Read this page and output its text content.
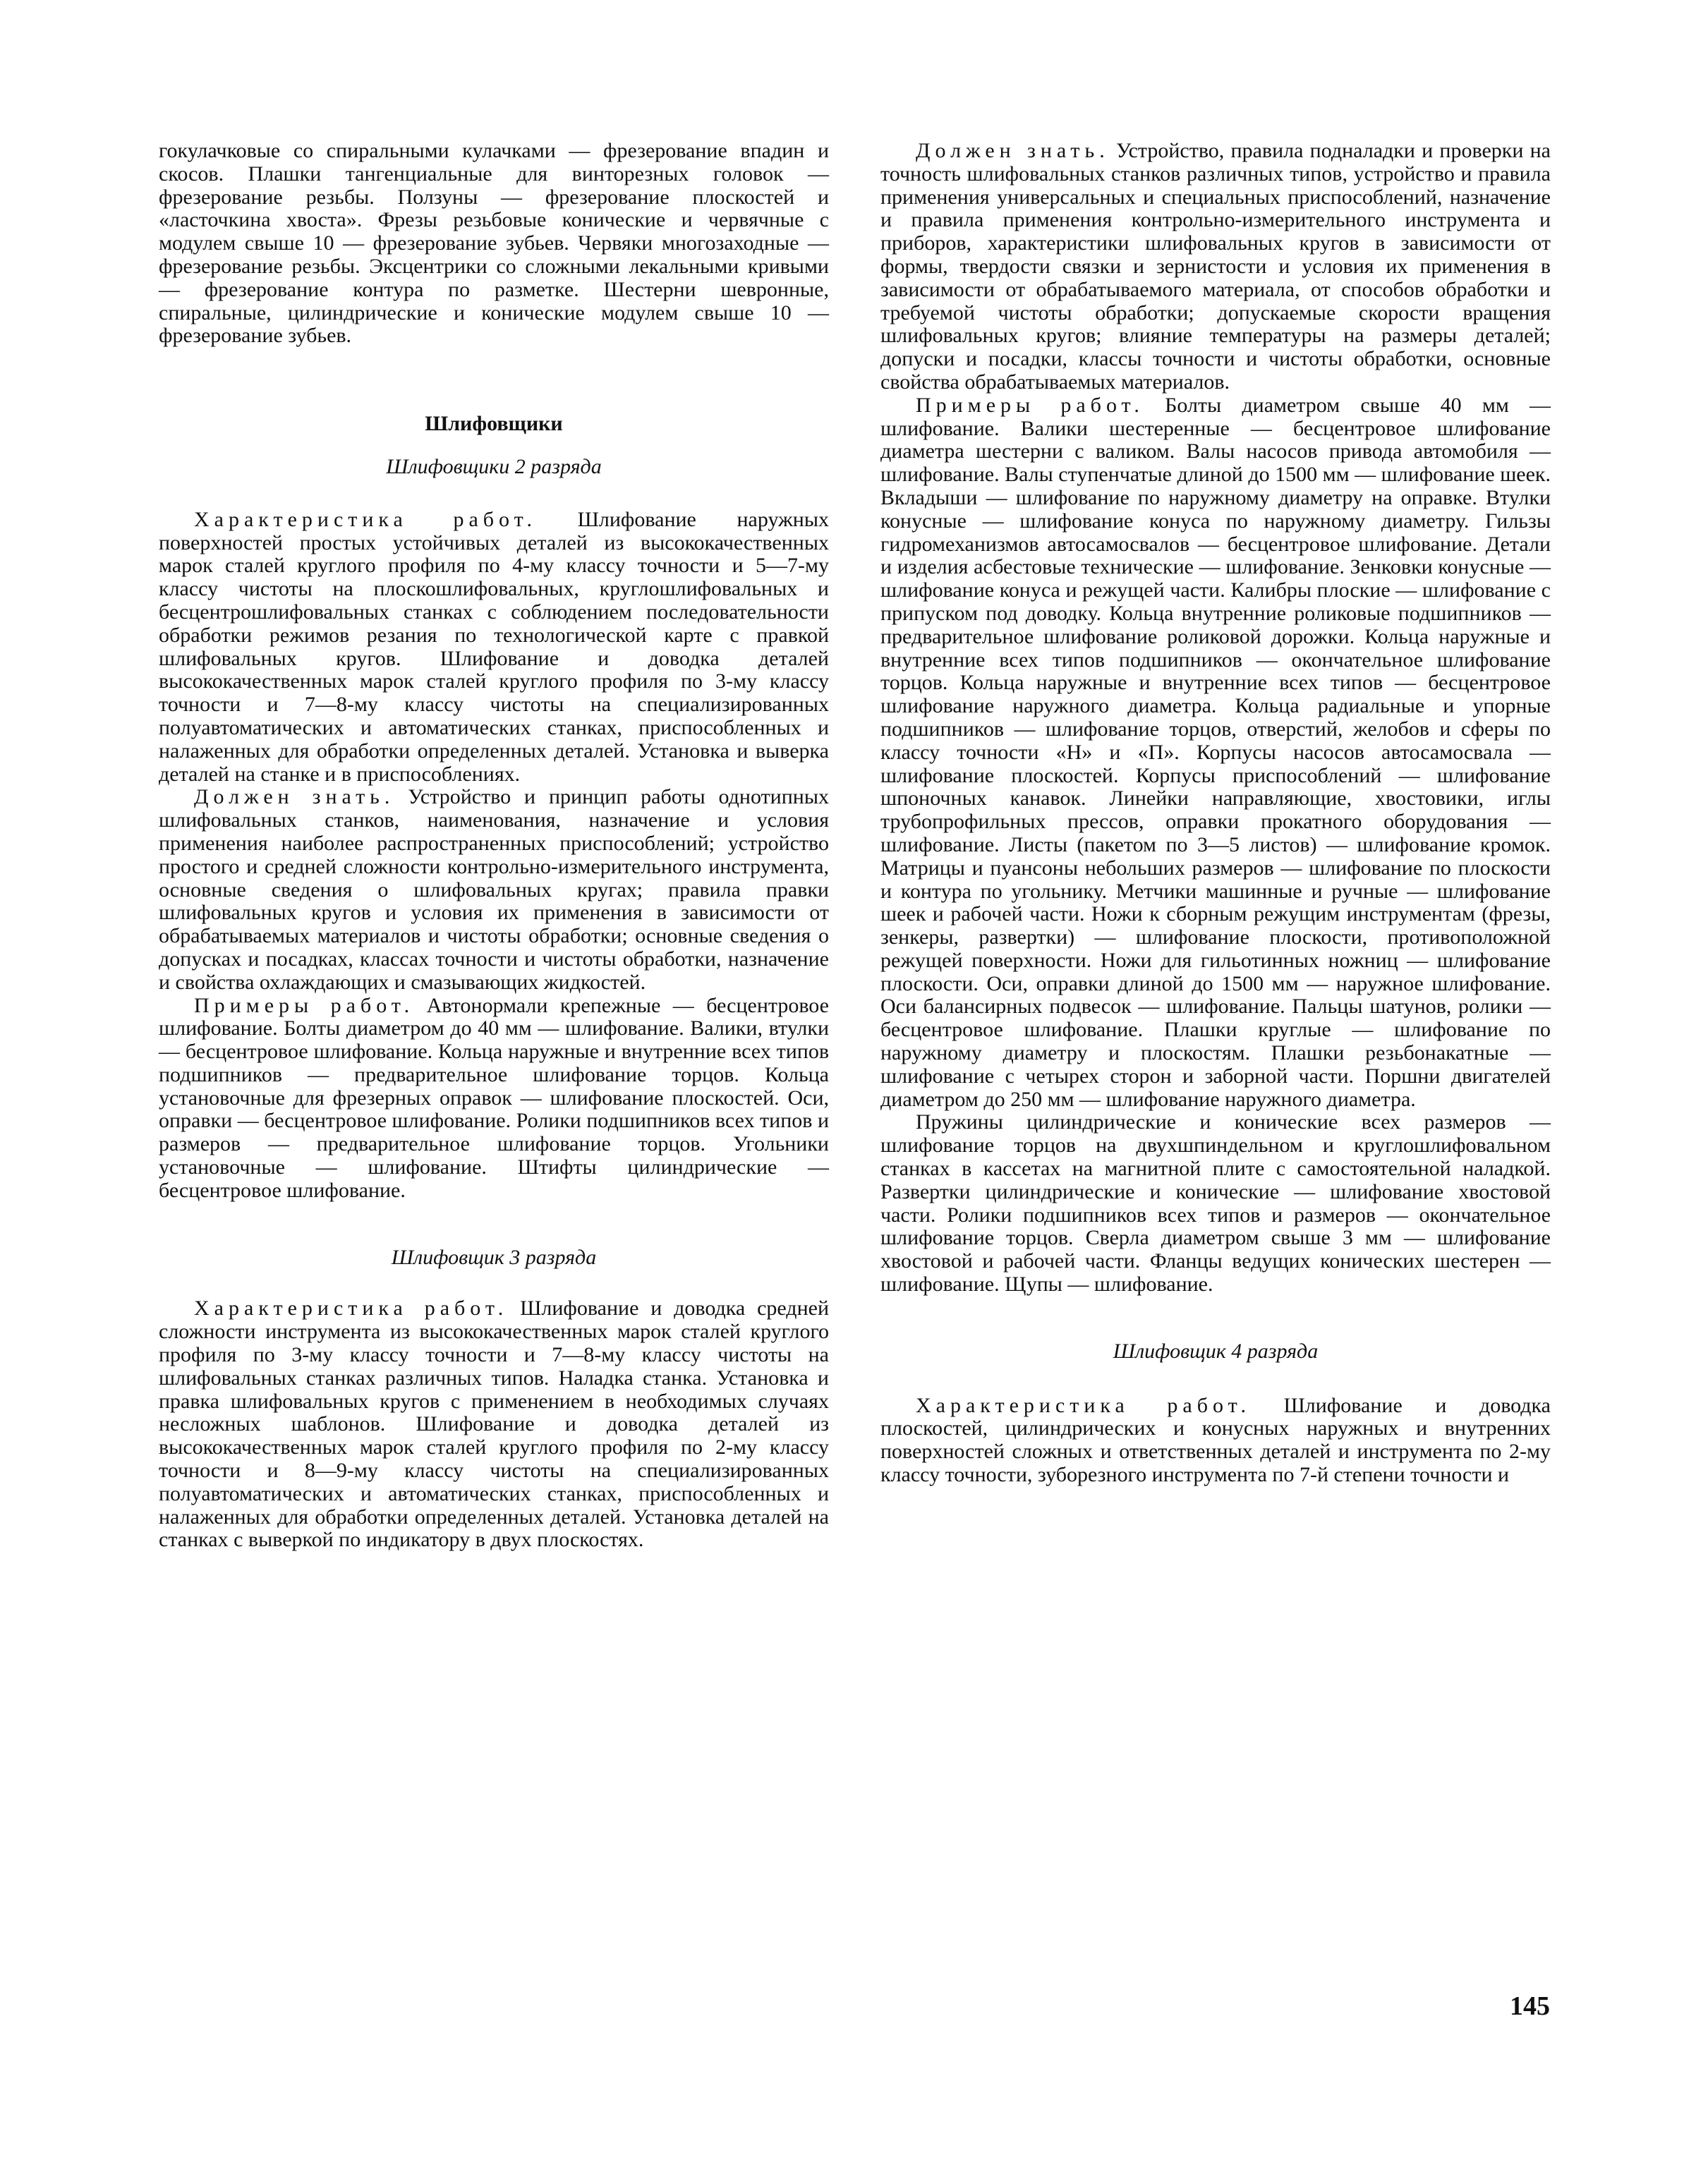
гокулачковые со спиральными кулачками — фрезерование впадин и скосов. Плашки тангенциальные для винторезных головок — фрезерование резьбы. Ползуны — фрезерование плоскостей и «ласточкина хвоста». Фрезы резьбовые конические и червячные с модулем свыше 10 — фрезерование зубьев. Червяки многозаходные — фрезерование резьбы. Эксцентрики со сложными лекальными кривыми — фрезерование контура по разметке. Шестерни шевронные, спиральные, цилиндрические и конические модулем свыше 10 — фрезерование зубьев.

Шлифовщики

Шлифовщики 2 разряда

Характеристика работ. Шлифование наружных поверхностей простых устойчивых деталей из высококачественных марок сталей круглого профиля по 4-му классу точности и 5—7-му классу чистоты на плоскошлифовальных, круглошлифовальных и бесцентрошлифовальных станках с соблюдением последовательности обработки режимов резания по технологической карте с правкой шлифовальных кругов. Шлифование и доводка деталей высококачественных марок сталей круглого профиля по 3-му классу точности и 7—8-му классу чистоты на специализированных полуавтоматических и автоматических станках, приспособленных и налаженных для обработки определенных деталей. Установка и выверка деталей на станке и в приспособлениях.

Должен знать. Устройство и принцип работы однотипных шлифовальных станков, наименования, назначение и условия применения наиболее распространенных приспособлений; устройство простого и средней сложности контрольно-измерительного инструмента, основные сведения о шлифовальных кругах; правила правки шлифовальных кругов и условия их применения в зависимости от обрабатываемых материалов и чистоты обработки; основные сведения о допусках и посадках, классах точности и чистоты обработки, назначение и свойства охлаждающих и смазывающих жидкостей.

Примеры работ. Автонормали крепежные — бесцентровое шлифование. Болты диаметром до 40 мм — шлифование. Валики, втулки — бесцентровое шлифование. Кольца наружные и внутренние всех типов подшипников — предварительное шлифование торцов. Кольца установочные для фрезерных оправок — шлифование плоскостей. Оси, оправки — бесцентровое шлифование. Ролики подшипников всех типов и размеров — предварительное шлифование торцов. Угольники установочные — шлифование. Штифты цилиндрические — бесцентровое шлифование.

Шлифовщик 3 разряда

Характеристика работ. Шлифование и доводка средней сложности инструмента из высококачественных марок сталей круглого профиля по 3-му классу точности и 7—8-му классу чистоты на шлифовальных станках различных типов. Наладка станка. Установка и правка шлифовальных кругов с применением в необходимых случаях несложных шаблонов. Шлифование и доводка деталей из высококачественных марок сталей круглого профиля по 2-му классу точности и 8—9-му классу чистоты на специализированных полуавтоматических и автоматических станках, приспособленных и налаженных для обработки определенных деталей. Установка деталей на станках с выверкой по индикатору в двух плоскостях.

Должен знать. Устройство, правила подналадки и проверки на точность шлифовальных станков различных типов, устройство и правила применения универсальных и специальных приспособлений, назначение и правила применения контрольно-измерительного инструмента и приборов, характеристики шлифовальных кругов в зависимости от формы, твердости связки и зернистости и условия их применения в зависимости от обрабатываемого материала, от способов обработки и требуемой чистоты обработки; допускаемые скорости вращения шлифовальных кругов; влияние температуры на размеры деталей; допуски и посадки, классы точности и чистоты обработки, основные свойства обрабатываемых материалов.

Примеры работ. Болты диаметром свыше 40 мм — шлифование. Валики шестеренные — бесцентровое шлифование диаметра шестерни с валиком. Валы насосов привода автомобиля — шлифование. Валы ступенчатые длиной до 1500 мм — шлифование шеек. Вкладыши — шлифование по наружному диаметру на оправке. Втулки конусные — шлифование конуса по наружному диаметру. Гильзы гидромеханизмов автосамосвалов — бесцентровое шлифование. Детали и изделия асбестовые технические — шлифование. Зенковки конусные — шлифование конуса и режущей части. Калибры плоские — шлифование с припуском под доводку. Кольца внутренние роликовые подшипников — предварительное шлифование роликовой дорожки. Кольца наружные и внутренние всех типов подшипников — окончательное шлифование торцов. Кольца наружные и внутренние всех типов — бесцентровое шлифование наружного диаметра. Кольца радиальные и упорные подшипников — шлифование торцов, отверстий, желобов и сферы по классу точности «Н» и «П». Корпусы насосов автосамосвала — шлифование плоскостей. Корпусы приспособлений — шлифование шпоночных канавок. Линейки направляющие, хвостовики, иглы трубопрофильных прессов, оправки прокатного оборудования — шлифование. Листы (пакетом по 3—5 листов) — шлифование кромок. Матрицы и пуансоны небольших размеров — шлифование по плоскости и контура по угольнику. Метчики машинные и ручные — шлифование шеек и рабочей части. Ножи к сборным режущим инструментам (фрезы, зенкеры, развертки) — шлифование плоскости, противоположной режущей поверхности. Ножи для гильотинных ножниц — шлифование плоскости. Оси, оправки длиной до 1500 мм — наружное шлифование. Оси балансирных подвесок — шлифование. Пальцы шатунов, ролики — бесцентровое шлифование. Плашки круглые — шлифование по наружному диаметру и плоскостям. Плашки резьбонакатные — шлифование с четырех сторон и заборной части. Поршни двигателей диаметром до 250 мм — шлифование наружного диаметра.

Пружины цилиндрические и конические всех размеров — шлифование торцов на двухшпиндельном и круглошлифовальном станках в кассетах на магнитной плите с самостоятельной наладкой. Развертки цилиндрические и конические — шлифование хвостовой части. Ролики подшипников всех типов и размеров — окончательное шлифование торцов. Сверла диаметром свыше 3 мм — шлифование хвостовой и рабочей части. Фланцы ведущих конических шестерен — шлифование. Щупы — шлифование.

Шлифовщик 4 разряда

Характеристика работ. Шлифование и доводка плоскостей, цилиндрических и конусных наружных и внутренних поверхностей сложных и ответственных деталей и инструмента по 2-му классу точности, зуборезного инструмента по 7-й степени точности и

145
